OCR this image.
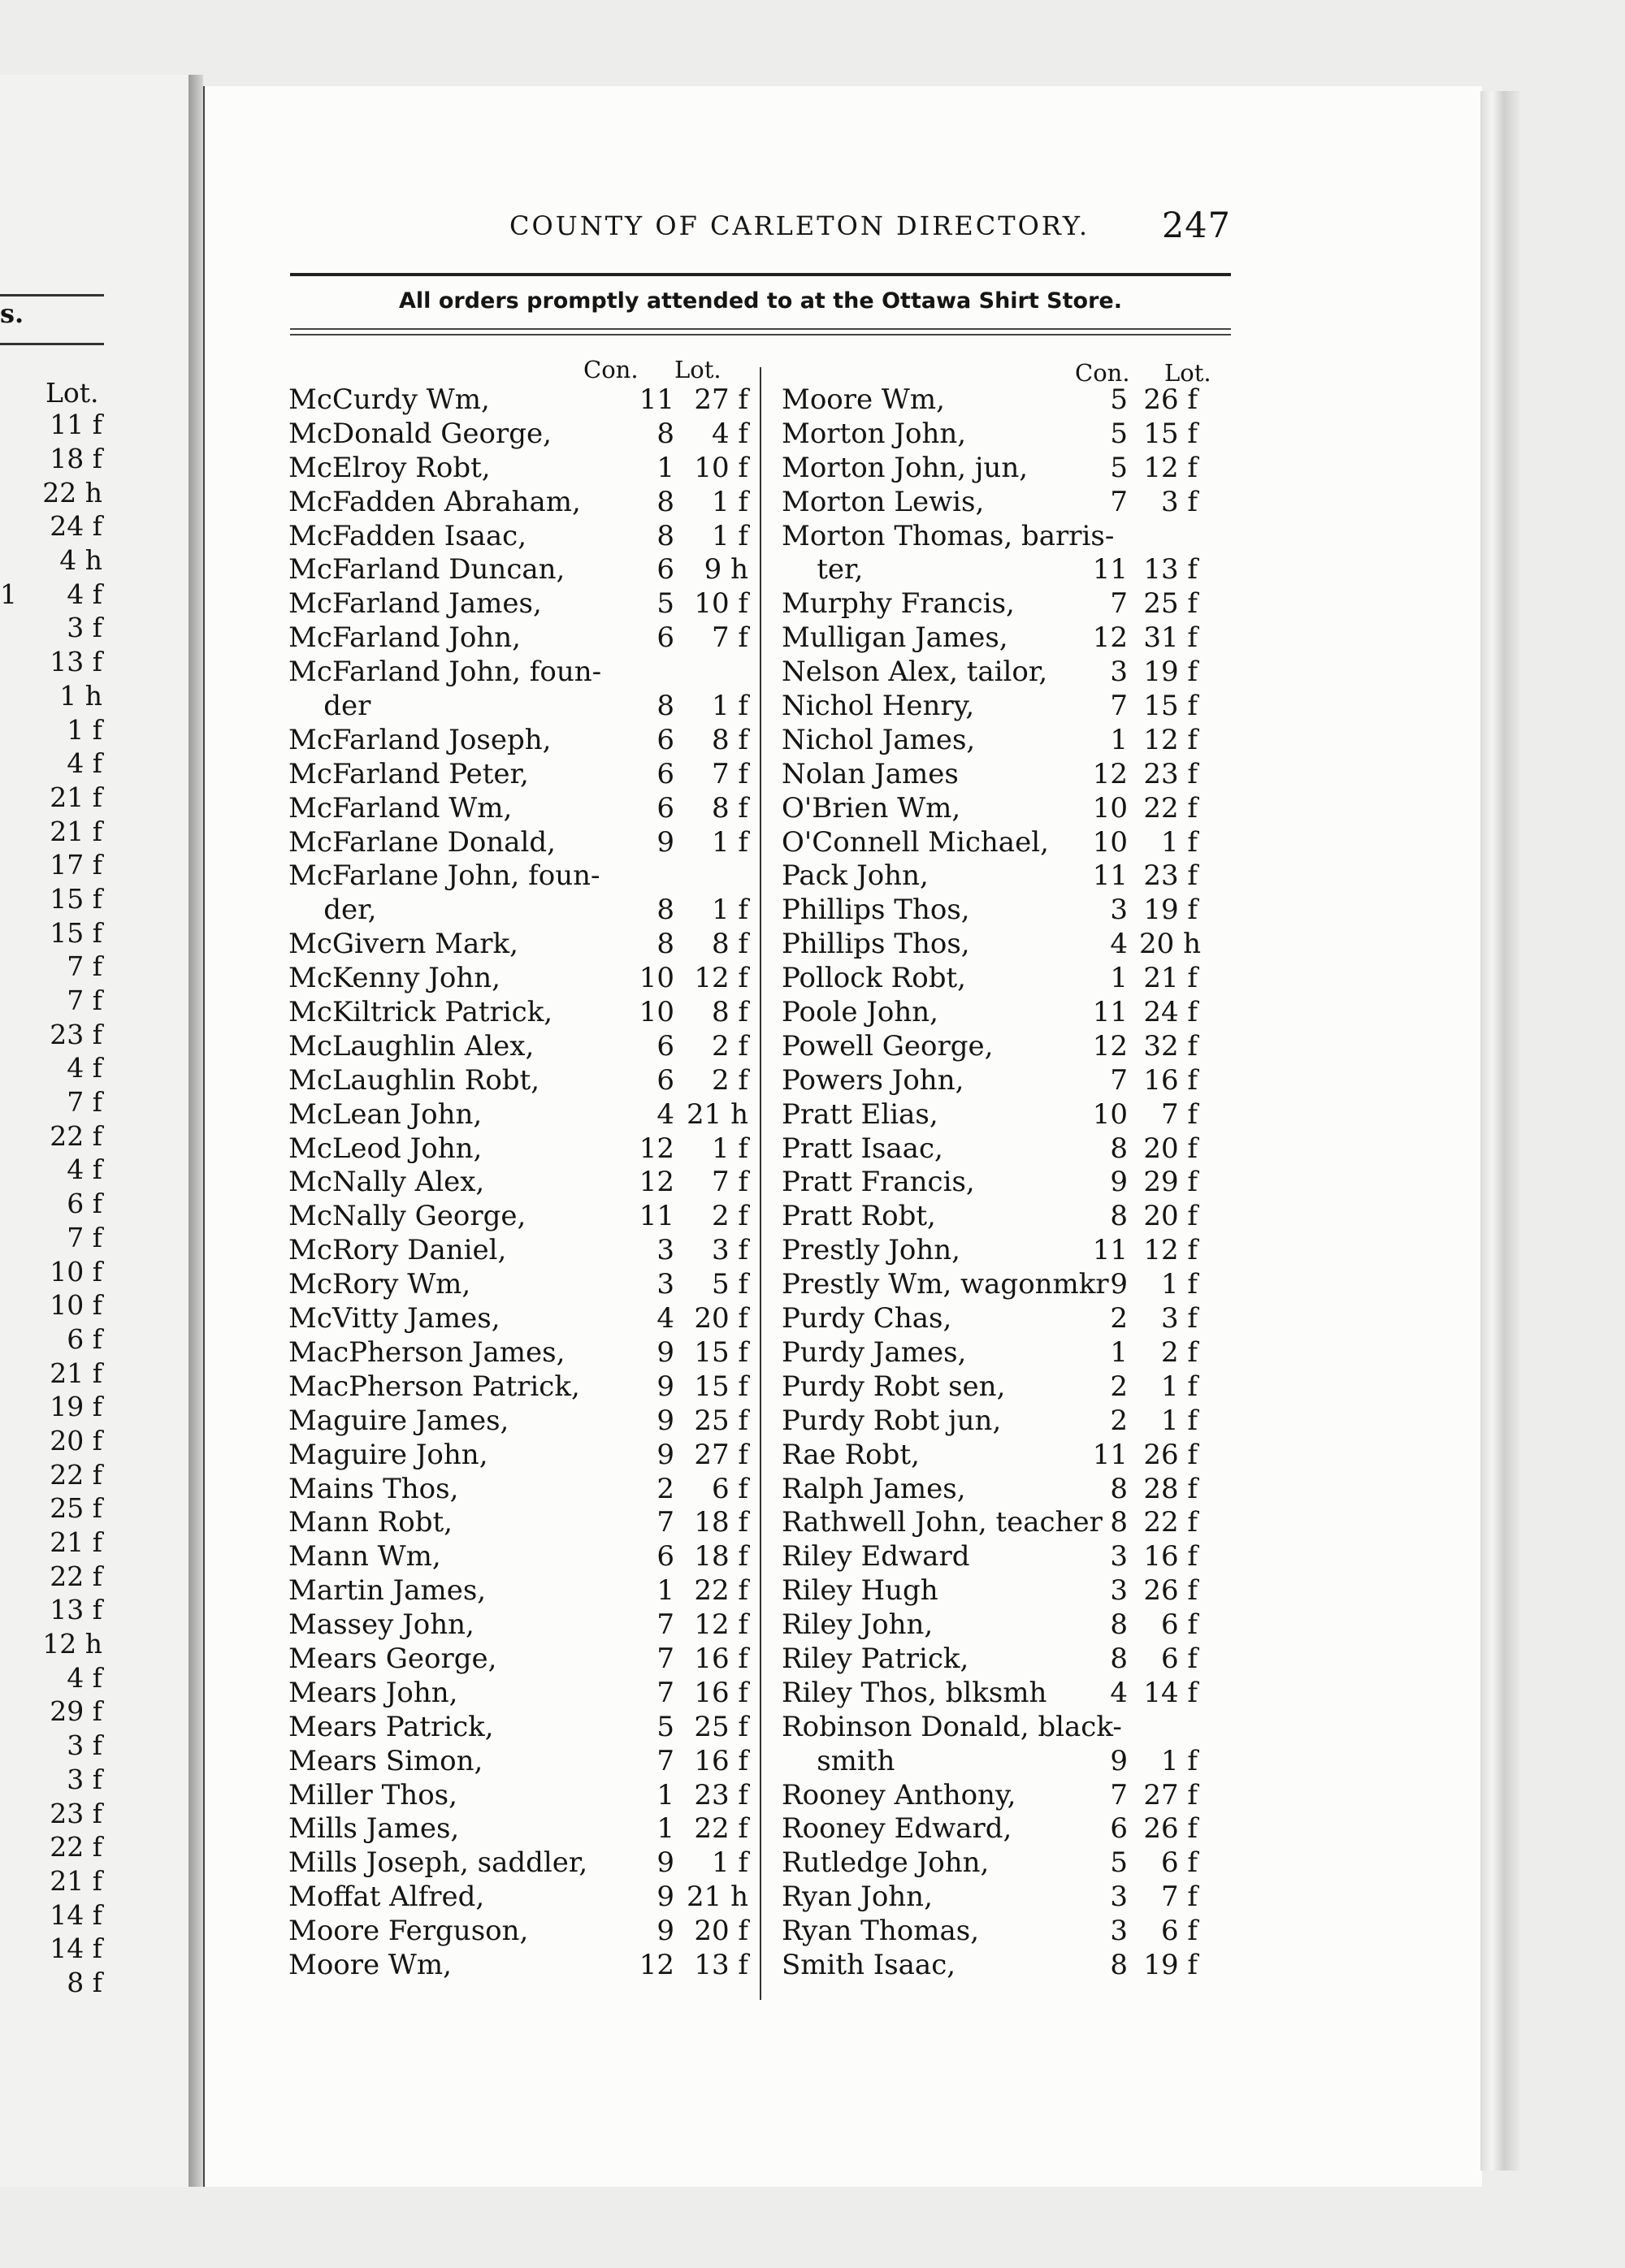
s.
Lot.
11 f
18 f
22 h
24 f
4 h
1 4 f
3 f
13 f
1 h
1 f
4 f
21 f
21 f
17 f
15 f
15 f
7 f
7 f
23 f
4 f
7 f
22 f
4 f
6 f
7 f
10 f
10 f
6 f
21 f
19 f
20 f
22 f
25 f
21 f
22 f
13 f
12 h
4 f
29 f
3 f
3 f
23 f
22 f
21 f
14 f
14 f
8 f
COUNTY OF CARLETON DIRECTORY. 247
All orders promptly attended to at the Ottawa Shirt Store.
Con. Lot.	Con. Lot.
McCurdy Wm,	11 27 f
McDonald George,	8	4 f
McElroy Robt,	1 10 f
McFadden Abraham,	8	1 f
McFadden Isaac,	8	1 f
McFarland Duncan,	6	9 h
McFarland James,	5 10 f
McFarland John,	6	7 f
McFarland John, foun-
der	8	1 f
McFarland Joseph,	6	8 f
McFarland Peter,	6	7 f
McFarland Wm,	6	8 f
McFarlane Donald,	9	1 f
McFarlane John, foun-
der,	8	1 f
McGivern Mark,	8	8 f
McKenny John,	10 12 f
McKiltrick Patrick,	10	8 f
McLaughlin Alex,	6	2 f
McLaughlin Robt,	6	2 f
McLean John,	4 21 h
McLeod John,	12	1 f
McNally Alex,	12	7 f
McNally George,	11	2 f
McRory Daniel,	3	3 f
McRory Wm,	3	5 f
McVitty James,	4 20 f
MacPherson James,	9 15 f
MacPherson Patrick,	9 15 f
Maguire James,	9 25 f
Maguire John,	9 27 f
Mains Thos,	2	6 f
Mann Robt,	7 18 f
Mann Wm,	6 18 f
Martin James,	1 22 f
Massey John,	7 12 f
Mears George,	7 16 f
Mears John,	7 16 f
Mears Patrick,	5 25 f
Mears Simon,	7 16 f
Miller Thos,	1 23 f
Mills James,	1 22 f
Mills Joseph, saddler,	9	1 f
Moffat Alfred,	9 21 h
Moore Ferguson,	9 20 f
Moore Wm,	12 13 f
Moore Wm,	5 26 f
Morton John,	5 15 f
Morton John, jun,	5 12 f
Morton Lewis,	7	3 f
Morton Thomas, barris-
ter,	11 13 f
Murphy Francis,	7 25 f
Mulligan James,	12 31 f
Nelson Alex, tailor,	3 19 f
Nichol Henry,	7 15 f
Nichol James,	1 12 f
Nolan James	12 23 f
O'Brien Wm,	10 22 f
O'Connell Michael,	10	1 f
Pack John,	11 23 f
Phillips Thos,	3 19 f
Phillips Thos,	4 20 h
Pollock Robt,	1 21 f
Poole John,	11 24 f
Powell George,	12 32 f
Powers John,	7 16 f
Pratt Elias,	10	7 f
Pratt Isaac,	8 20 f
Pratt Francis,	9 29 f
Pratt Robt,	8 20 f
Prestly John,	11 12 f
Prestly Wm, wagonmkr 9	1 f
Purdy Chas,	2	3 f
Purdy James,	1	2 f
Purdy Robt sen,	2	1 f
Purdy Robt jun,	2	1 f
Rae Robt,	11 26 f
Ralph James,	8 28 f
Rathwell John, teacher 8 22 f
Riley Edward	3 16 f
Riley Hugh	3 26 f
Riley John,	8	6 f
Riley Patrick,	8	6 f
Riley Thos, blksmh	4 14 f
Robinson Donald, black-
smith	9	1 f
Rooney Anthony,	7 27 f
Rooney Edward,	6 26 f
Rutledge John,	5	6 f
Ryan John,	3	7 f
Ryan Thomas,	3	6 f
Smith Isaac,	8 19 f
